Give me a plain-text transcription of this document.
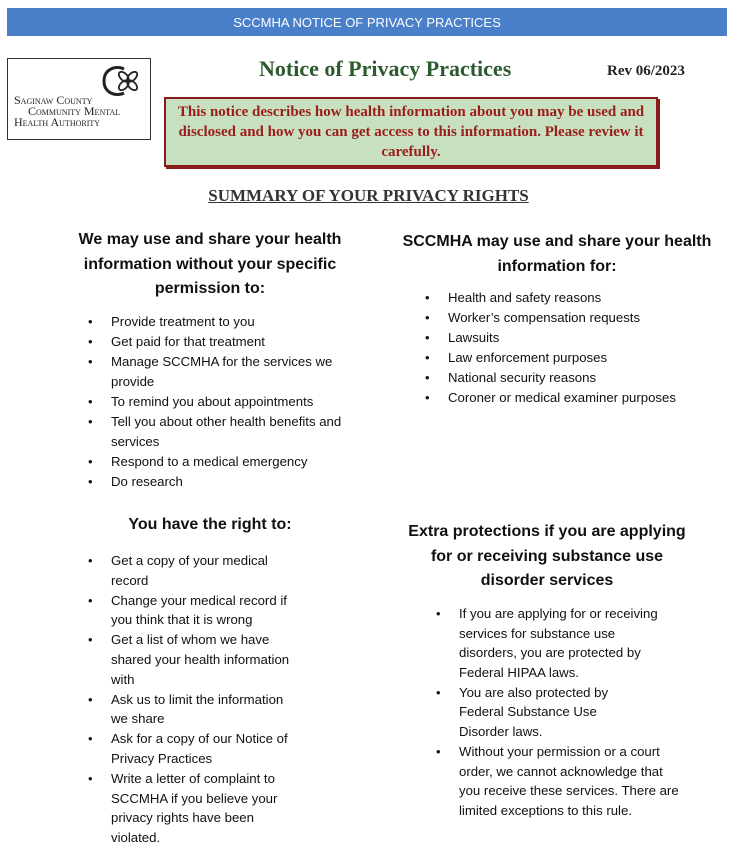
SCCMHA NOTICE OF PRIVACY PRACTICES
Saginaw County
Community Mental
Health Authority
Notice of Privacy Practices	Rev 06/2023
This notice describes how health information about you may be used and disclosed and how you can get access to this information. Please review it carefully.
SUMMARY OF YOUR PRIVACY RIGHTS
We may use and share your health information without your specific permission to:
• Provide treatment to you
• Get paid for that treatment
• Manage SCCMHA for the services we provide
• To remind you about appointments
• Tell you about other health benefits and services
• Respond to a medical emergency
• Do research
SCCMHA may use and share your health information for:
• Health and safety reasons
• Worker’s compensation requests
• Lawsuits
• Law enforcement purposes
• National security reasons
• Coroner or medical examiner purposes
You have the right to:
• Get a copy of your medical record
• Change your medical record if you think that it is wrong
• Get a list of whom we have shared your health information with
• Ask us to limit the information we share
• Ask for a copy of our Notice of Privacy Practices
• Write a letter of complaint to SCCMHA if you believe your privacy rights have been violated.
Extra protections if you are applying for or receiving substance use disorder services
• If you are applying for or receiving services for substance use disorders, you are protected by Federal HIPAA laws.
• You are also protected by Federal Substance Use Disorder laws.
• Without your permission or a court order, we cannot acknowledge that you receive these services. There are limited exceptions to this rule.
